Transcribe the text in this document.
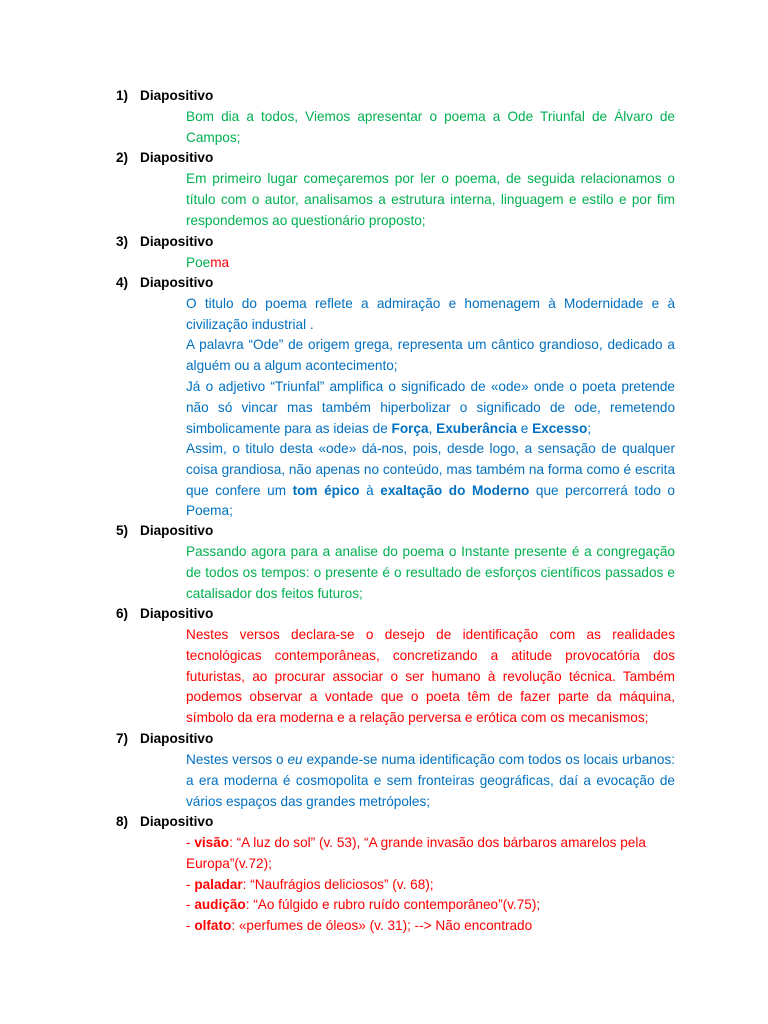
1) Diapositivo
Bom dia a todos, Viemos apresentar o poema a Ode Triunfal de Álvaro de Campos;
2) Diapositivo
Em primeiro lugar começaremos por ler o poema, de seguida relacionamos o título com o autor, analisamos a estrutura interna, linguagem e estilo e por fim respondemos ao questionário proposto;
3) Diapositivo
Poema
4) Diapositivo
O titulo do poema reflete a admiração e homenagem à Modernidade e à civilização industrial .
A palavra “Ode” de origem grega, representa um cântico grandioso, dedicado a alguém ou a algum acontecimento;
Já o adjetivo “Triunfal” amplifica o significado de «ode» onde o poeta pretende não só vincar mas também hiperbolizar o significado de ode, remetendo simbolicamente para as ideias de Força, Exuberância e Excesso;
Assim, o titulo desta «ode» dá-nos, pois, desde logo, a sensação de qualquer coisa grandiosa, não apenas no conteúdo, mas também na forma como é escrita que confere um tom épico à exaltação do Moderno que percorrerá todo o Poema;
5) Diapositivo
Passando agora para a analise do poema o Instante presente é a congregação de todos os tempos: o presente é o resultado de esforços científicos passados e catalisador dos feitos futuros;
6) Diapositivo
Nestes versos declara-se o desejo de identificação com as realidades tecnológicas contemporâneas, concretizando a atitude provocatória dos futuristas, ao procurar associar o ser humano à revolução técnica. Também podemos observar a vontade que o poeta têm de fazer parte da máquina, símbolo da era moderna e a relação perversa e erótica com os mecanismos;
7) Diapositivo
Nestes versos o eu expande-se numa identificação com todos os locais urbanos: a era moderna é cosmopolita e sem fronteiras geográficas, daí a evocação de vários espaços das grandes metrópoles;
8) Diapositivo
- visão: “A luz do sol” (v. 53), “A grande invasão dos bárbaros amarelos pela Europa”(v.72);
- paladar: “Naufrágios deliciosos” (v. 68);
- audição: “Ao fúlgido e rubro ruído contemporâneo”(v.75);
- olfato: «perfumes de óleos» (v. 31); --> Não encontrado
